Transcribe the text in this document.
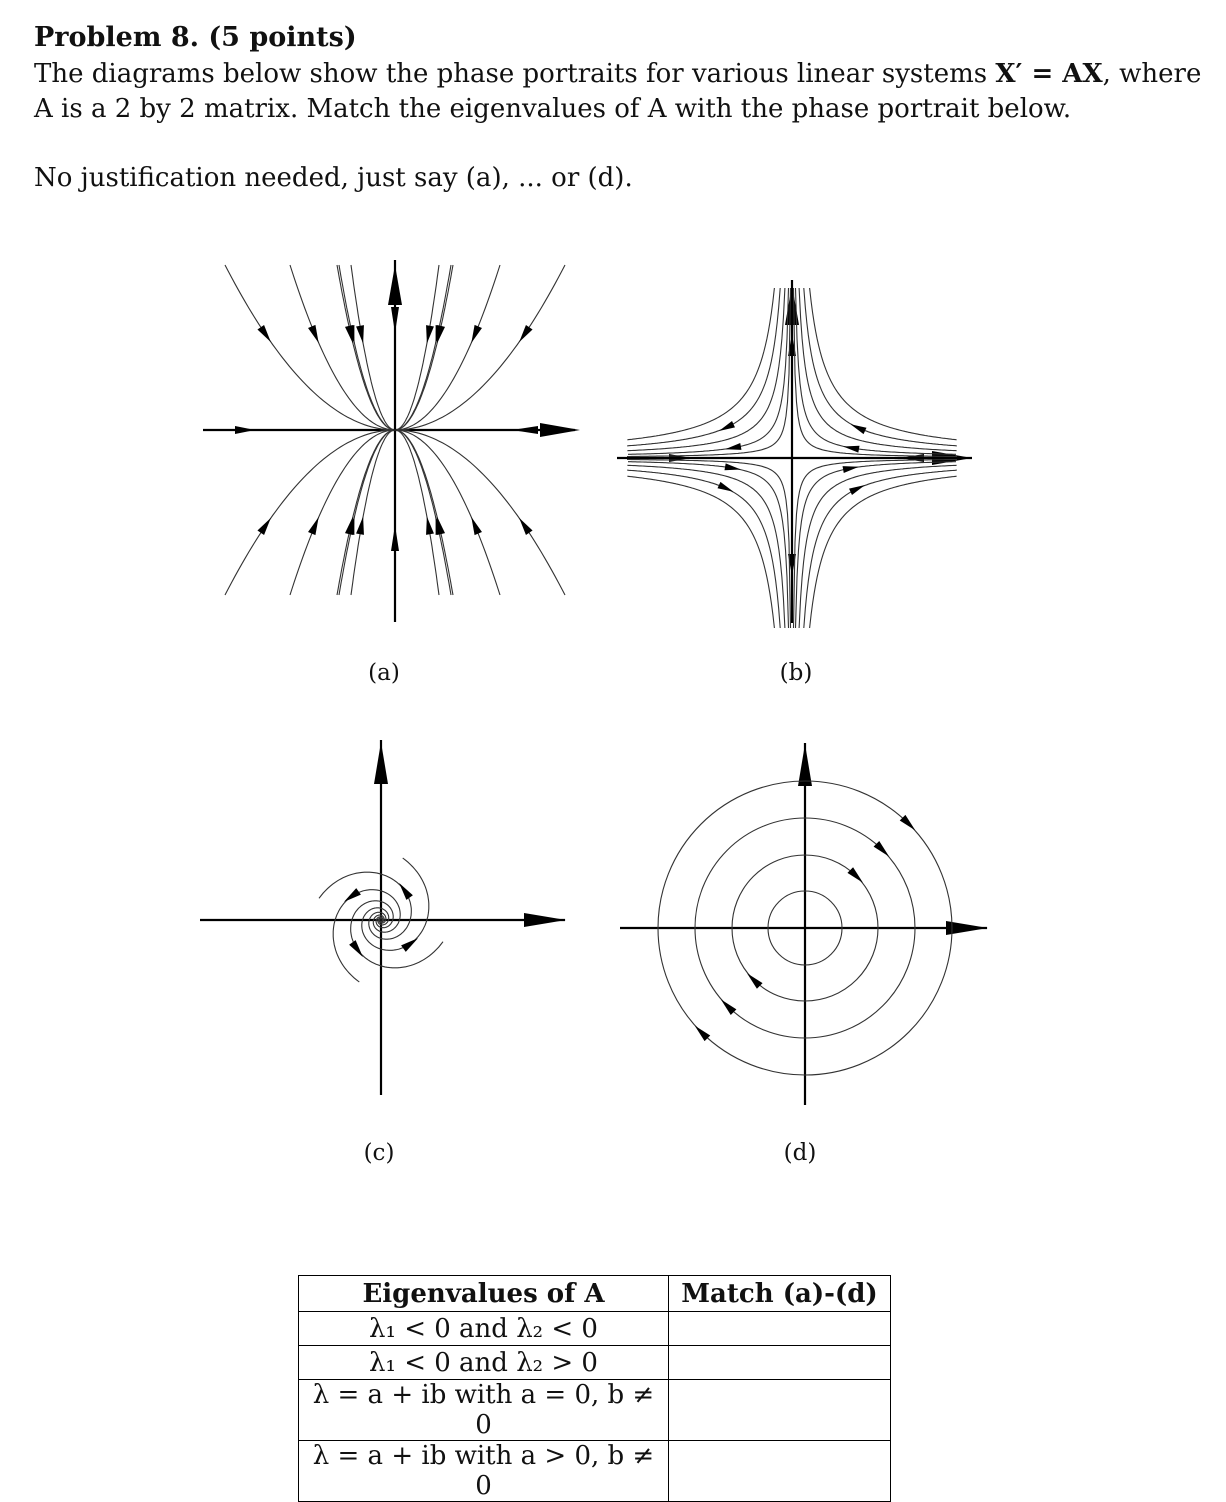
Problem 8. (5 points)
The diagrams below show the phase portraits for various linear systems X′ = AX, where A is a 2 by 2 matrix. Match the eigenvalues of A with the phase portrait below.
No justification needed, just say (a), ... or (d).
(a)	(b)
(c)	(d)
Eigenvalues of A	Match (a)-(d)
λ₁ < 0 and λ₂ < 0	
λ₁ < 0 and λ₂ > 0	
λ = a + ib with a = 0, b ≠ 0	
λ = a + ib with a > 0, b ≠ 0	
